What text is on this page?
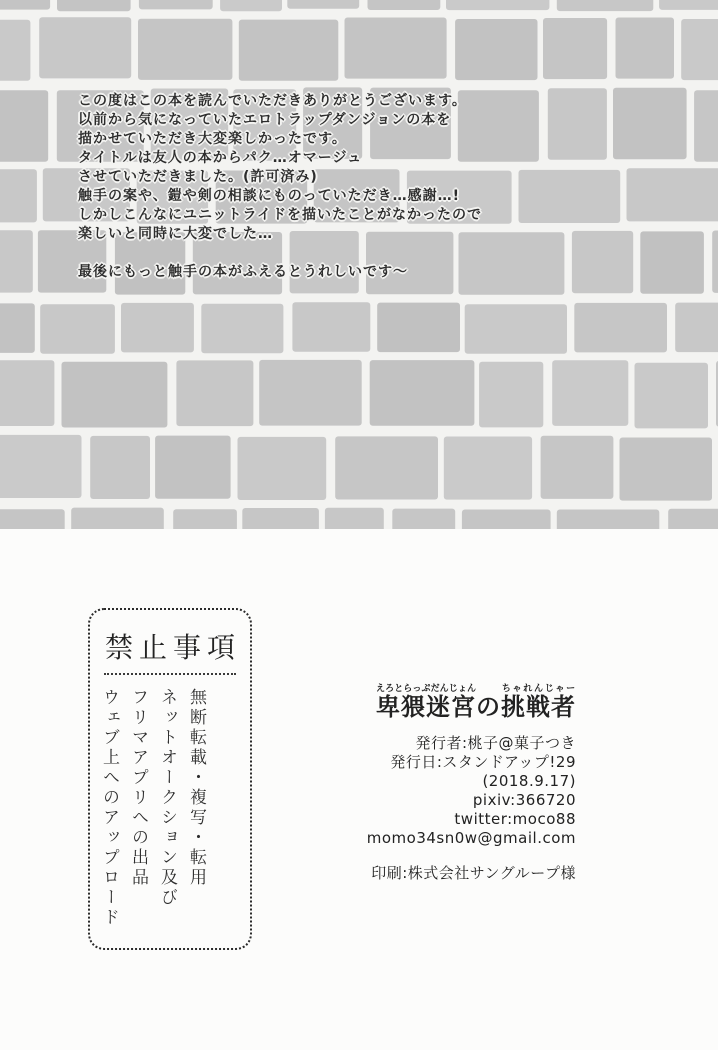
この度はこの本を読んでいただきありがとうございます。
以前から気になっていたエロトラップダンジョンの本を
描かせていただき大変楽しかったです。
タイトルは友人の本からパク…オマージュ
させていただきました。(許可済み)
触手の案や、鎧や剣の相談にものっていただき…感謝…!
しかしこんなにユニットライドを描いたことがなかったので
楽しいと同時に大変でした…
最後にもっと触手の本がふえるとうれしいです〜
禁止事項
無断転載・複写・転用
ネットオークション及び
フリマアプリへの出品
ウェブ上へのアップロード	卑猥迷宮えろとらっぷだんじょんの挑戦者ちゃれんじゃー
発行者:桃子@菓子つき
発行日:スタンドアップ!29
(2018.9.17)
pixiv:366720
twitter:moco88
momo34sn0w@gmail.com
印刷:株式会社サングループ様
